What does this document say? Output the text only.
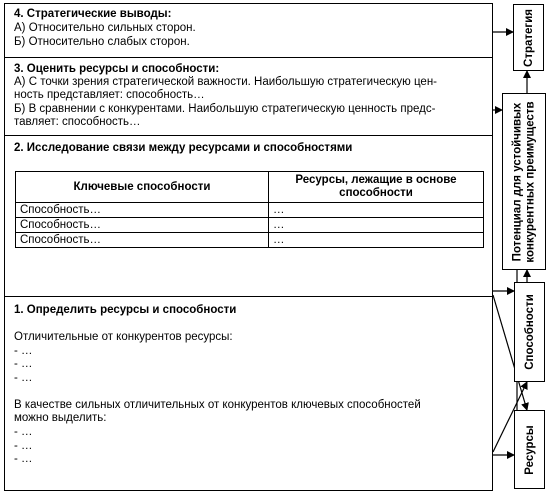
4. Стратегические выводы:
А) Относительно сильных сторон.
Б) Относительно слабых сторон.
3. Оценить ресурсы и способности:
А) С точки зрения стратегической важности. Наибольшую стратегическую цен-
ность представляет: способность…
Б) В сравнении с конкурентами. Наибольшую стратегическую ценность предс-
тавляет: способность…
2. Исследование связи между ресурсами и способностями
Ключевые способности	Ресурсы, лежащие в основе способности
Способность…	…
Способность…	…
Способность…	…
1. Определить ресурсы и способности
Отличительные от конкурентов ресурсы:
- …
- …
- …
В качестве сильных отличительных от конкурентов ключевых способностей
можно выделить:
- …
- …
- …
Стратегия
Потенциал для устойчивых конкурентных преимуществ
Способности
Ресурсы
